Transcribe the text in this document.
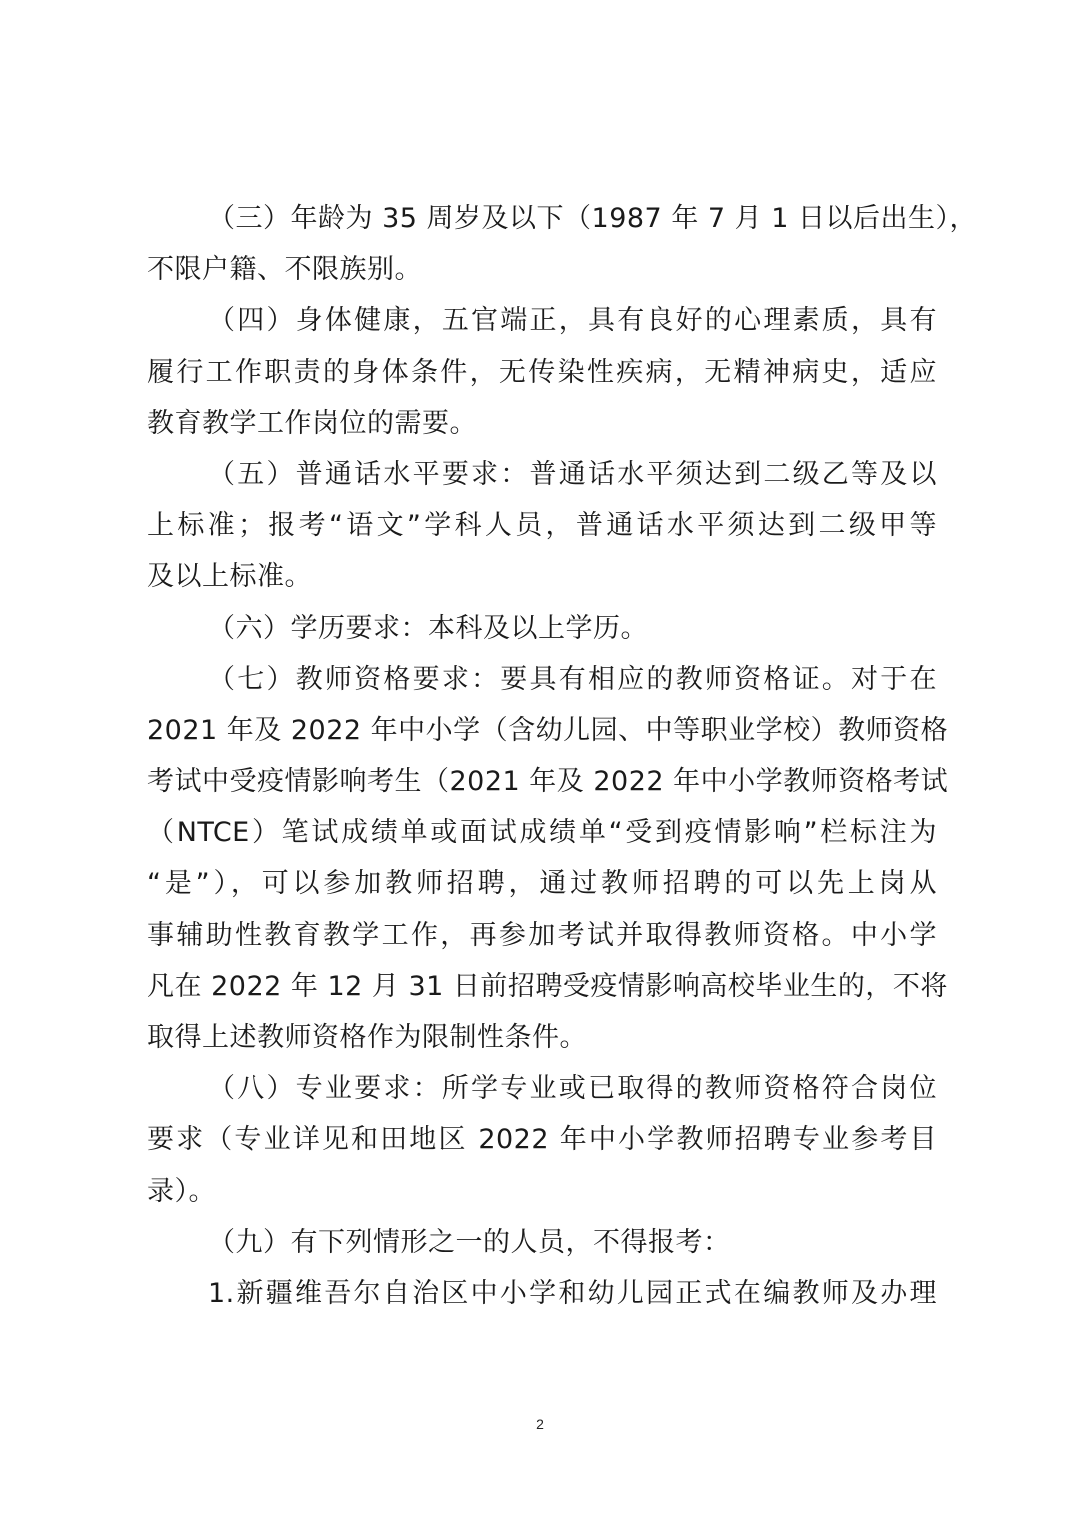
（三）年龄为 35 周岁及以下（1987 年 7 月 1 日以后出生），
不限户籍、不限族别。
（四）身体健康，五官端正，具有良好的心理素质，具有
履行工作职责的身体条件，无传染性疾病，无精神病史，适应
教育教学工作岗位的需要。
（五）普通话水平要求：普通话水平须达到二级乙等及以
上标准；报考“语文”学科人员，普通话水平须达到二级甲等
及以上标准。
（六）学历要求：本科及以上学历。
（七）教师资格要求：要具有相应的教师资格证。对于在
2021 年及 2022 年中小学（含幼儿园、中等职业学校）教师资格
考试中受疫情影响考生（2021 年及 2022 年中小学教师资格考试
（NTCE）笔试成绩单或面试成绩单“受到疫情影响”栏标注为
“是”），可以参加教师招聘，通过教师招聘的可以先上岗从
事辅助性教育教学工作，再参加考试并取得教师资格。中小学
凡在 2022 年 12 月 31 日前招聘受疫情影响高校毕业生的，不将
取得上述教师资格作为限制性条件。
（八）专业要求：所学专业或已取得的教师资格符合岗位
要求（专业详见和田地区 2022 年中小学教师招聘专业参考目
录）。
（九）有下列情形之一的人员，不得报考：
1.新疆维吾尔自治区中小学和幼儿园正式在编教师及办理
2
